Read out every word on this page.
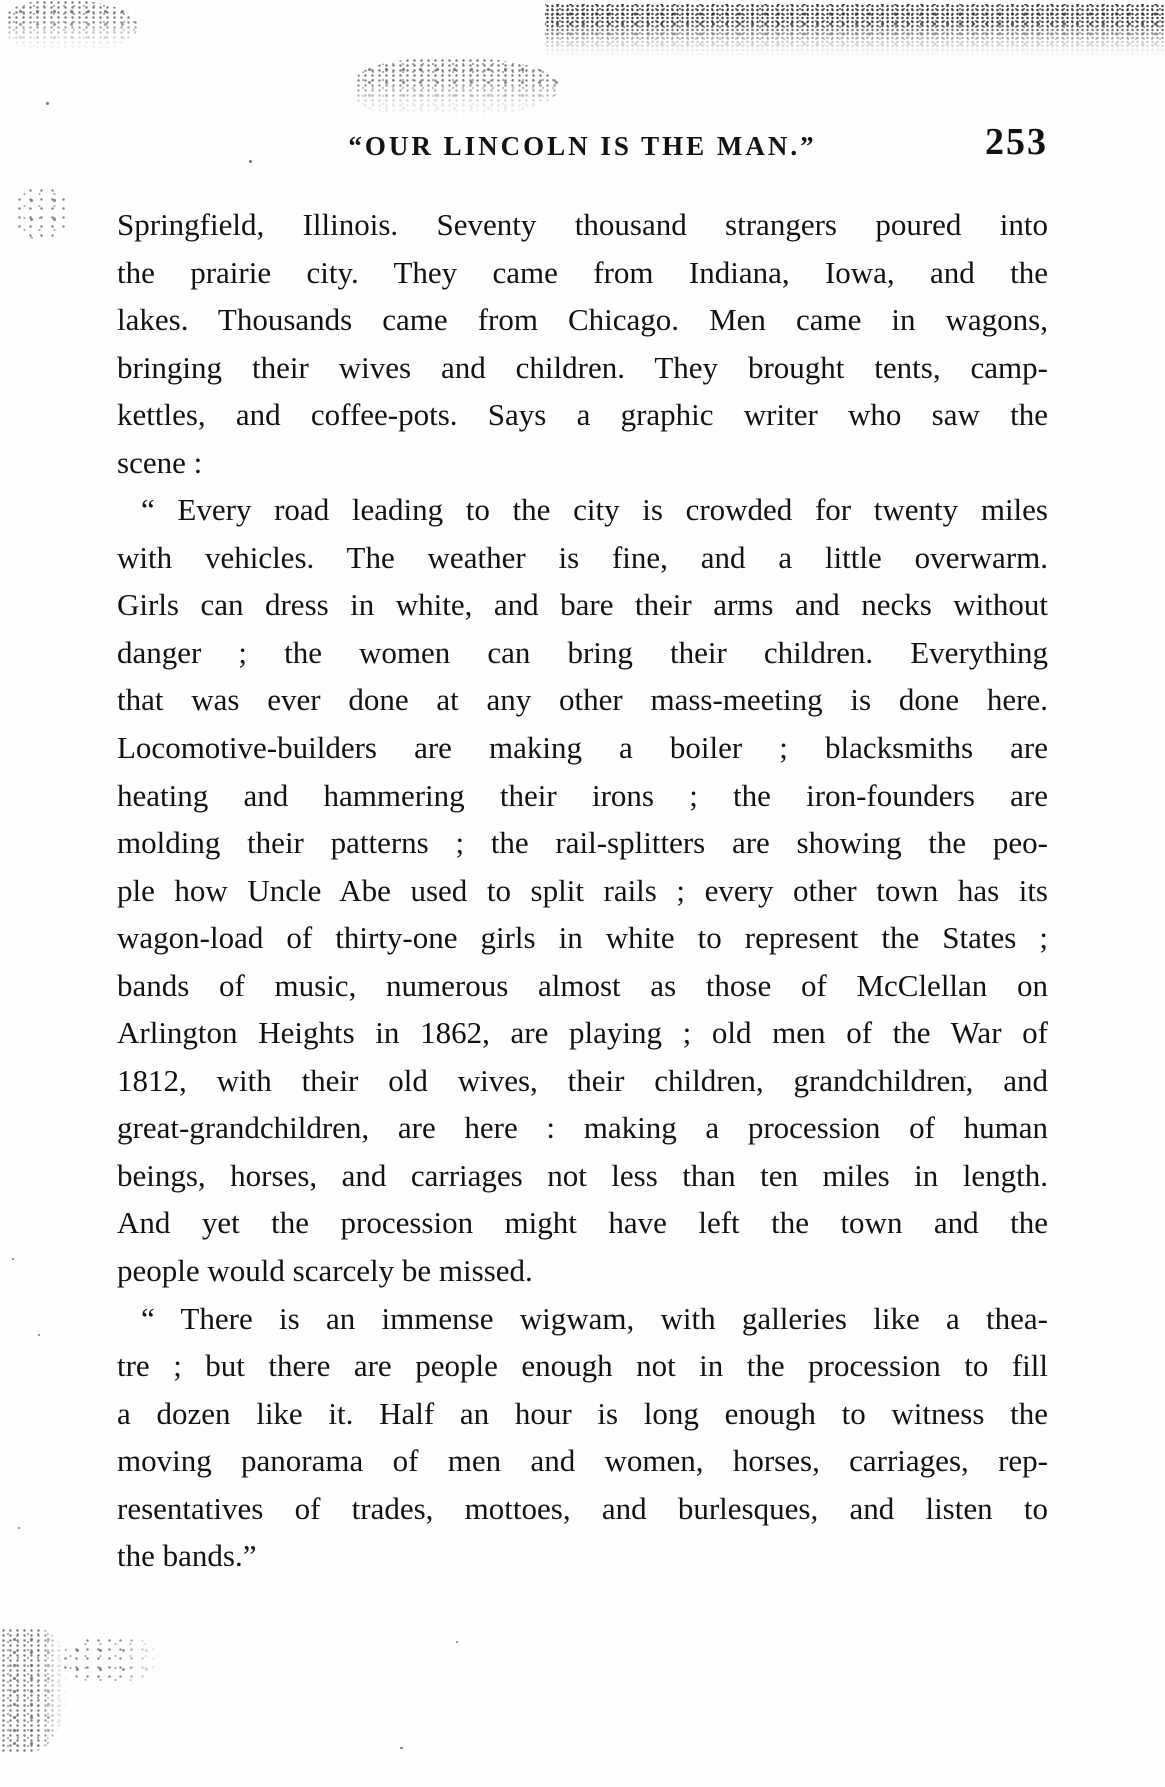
“OUR LINCOLN IS THE MAN.”	253
Springfield, Illinois. Seventy thousand strangers poured into
the prairie city. They came from Indiana, Iowa, and the
lakes. Thousands came from Chicago. Men came in wagons,
bringing their wives and children. They brought tents, camp-
kettles, and coffee-pots. Says a graphic writer who saw the
scene :
“ Every road leading to the city is crowded for twenty miles
with vehicles. The weather is fine, and a little overwarm.
Girls can dress in white, and bare their arms and necks without
danger ; the women can bring their children. Everything
that was ever done at any other mass-meeting is done here.
Locomotive-builders are making a boiler ; blacksmiths are
heating and hammering their irons ; the iron-founders are
molding their patterns ; the rail-splitters are showing the peo-
ple how Uncle Abe used to split rails ; every other town has its
wagon-load of thirty-one girls in white to represent the States ;
bands of music, numerous almost as those of McClellan on
Arlington Heights in 1862, are playing ; old men of the War of
1812, with their old wives, their children, grandchildren, and
great-grandchildren, are here : making a procession of human
beings, horses, and carriages not less than ten miles in length.
And yet the procession might have left the town and the
people would scarcely be missed.
“ There is an immense wigwam, with galleries like a thea-
tre ; but there are people enough not in the procession to fill
a dozen like it. Half an hour is long enough to witness the
moving panorama of men and women, horses, carriages, rep-
resentatives of trades, mottoes, and burlesques, and listen to
the bands.”
